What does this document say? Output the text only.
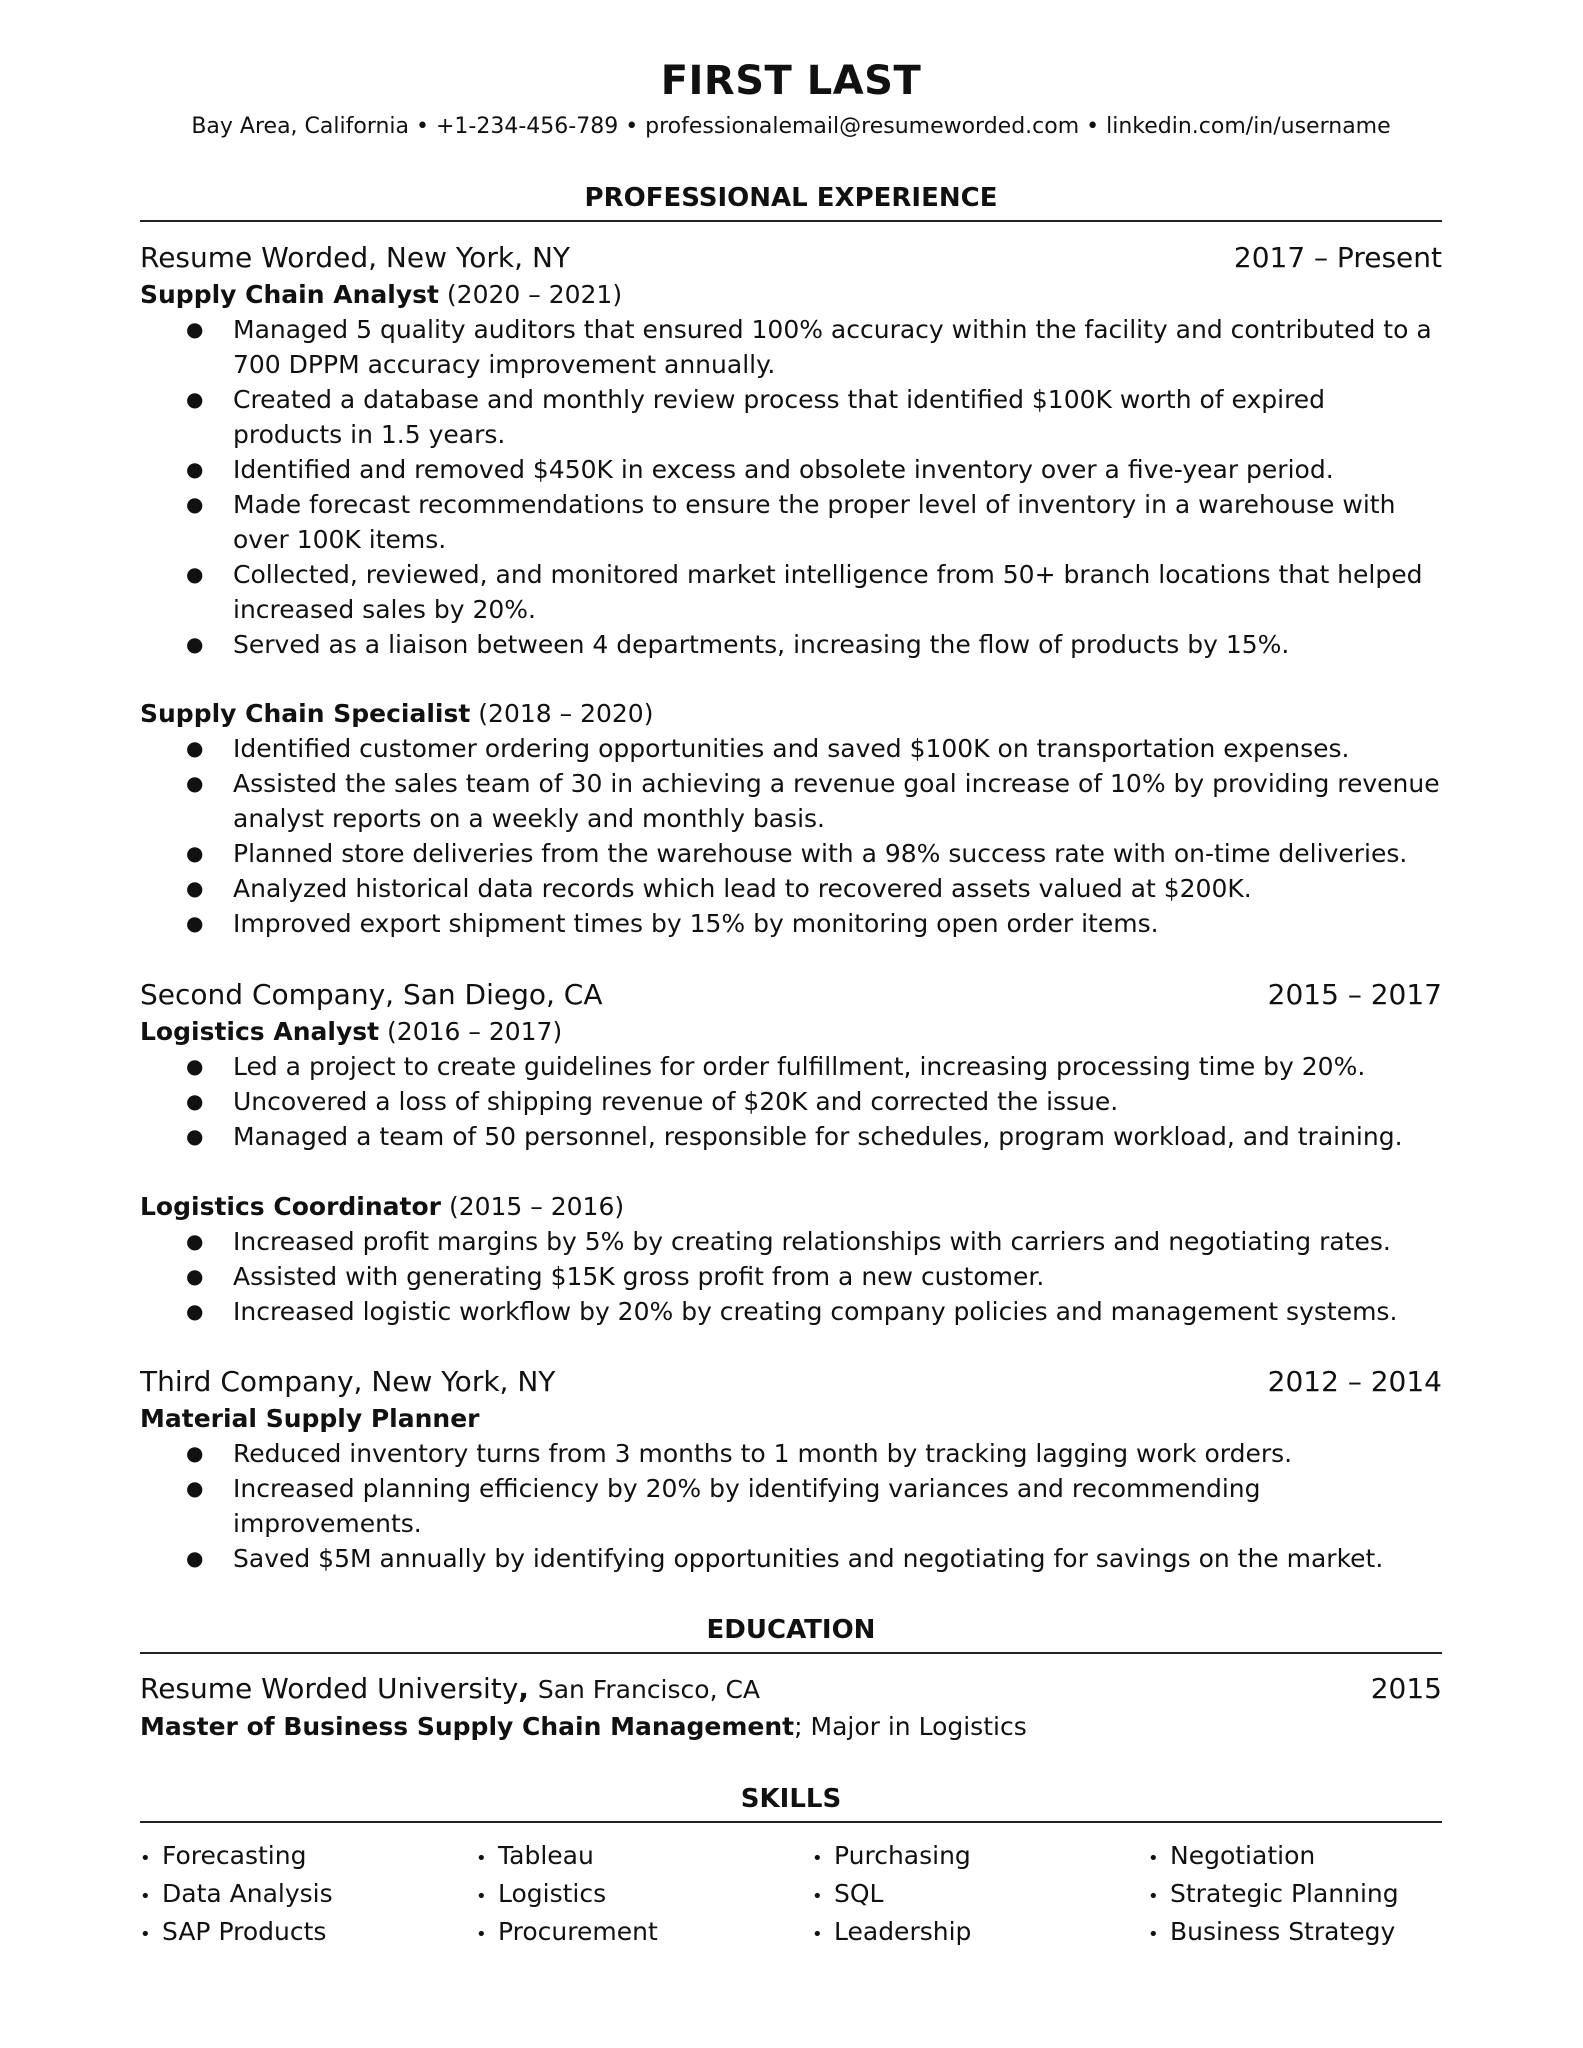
FIRST LAST
Bay Area, California • +1-234-456-789 • professionalemail@resumeworded.com • linkedin.com/in/username
PROFESSIONAL EXPERIENCE
Resume Worded, New York, NY	2017 – Present
Supply Chain Analyst (2020 – 2021)
● Managed 5 quality auditors that ensured 100% accuracy within the facility and contributed to a 700 DPPM accuracy improvement annually.
● Created a database and monthly review process that identified $100K worth of expired products in 1.5 years.
● Identified and removed $450K in excess and obsolete inventory over a five-year period.
● Made forecast recommendations to ensure the proper level of inventory in a warehouse with over 100K items.
● Collected, reviewed, and monitored market intelligence from 50+ branch locations that helped increased sales by 20%.
● Served as a liaison between 4 departments, increasing the flow of products by 15%.
Supply Chain Specialist (2018 – 2020)
● Identified customer ordering opportunities and saved $100K on transportation expenses.
● Assisted the sales team of 30 in achieving a revenue goal increase of 10% by providing revenue analyst reports on a weekly and monthly basis.
● Planned store deliveries from the warehouse with a 98% success rate with on-time deliveries.
● Analyzed historical data records which lead to recovered assets valued at $200K.
● Improved export shipment times by 15% by monitoring open order items.
Second Company, San Diego, CA	2015 – 2017
Logistics Analyst (2016 – 2017)
● Led a project to create guidelines for order fulfillment, increasing processing time by 20%.
● Uncovered a loss of shipping revenue of $20K and corrected the issue.
● Managed a team of 50 personnel, responsible for schedules, program workload, and training.
Logistics Coordinator (2015 – 2016)
● Increased profit margins by 5% by creating relationships with carriers and negotiating rates.
● Assisted with generating $15K gross profit from a new customer.
● Increased logistic workflow by 20% by creating company policies and management systems.
Third Company, New York, NY	2012 – 2014
Material Supply Planner
● Reduced inventory turns from 3 months to 1 month by tracking lagging work orders.
● Increased planning efficiency by 20% by identifying variances and recommending improvements.
● Saved $5M annually by identifying opportunities and negotiating for savings on the market.
EDUCATION
Resume Worded University, San Francisco, CA	2015
Master of Business Supply Chain Management; Major in Logistics
SKILLS
• Forecasting
• Data Analysis
• SAP Products
• Tableau
• Logistics
• Procurement
• Purchasing
• SQL
• Leadership
• Negotiation
• Strategic Planning
• Business Strategy
